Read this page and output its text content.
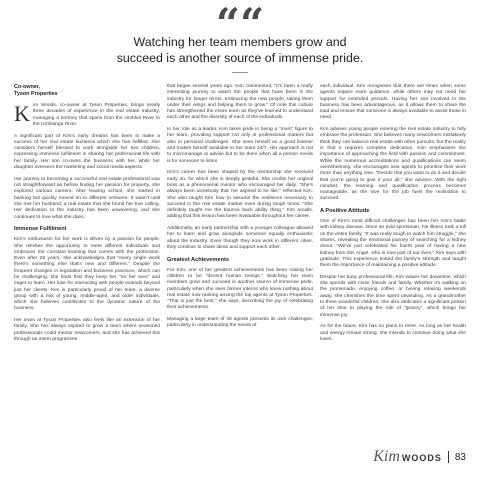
““
Watching her team members grow and
succeed is another source of immense pride.
Co-owner,
Tyson Properties

Kim Woods, co-owner at Tyson Properties, brings nearly three decades of experience in the real estate industry, managing a territory that spans from the Umhlali River to the Umhlanga River.

A significant part of Kim's early dreams has been to make a success of her real estate business which she has fulfilled. She considers herself blessed to work alongside her two children, expressing immense fulfilment in sharing her professional life with her family. Her son co-owns the business with her, while her daughter oversees the marketing and social media aspects.

Her journey to becoming a successful real estate professional was not straightforward as before finding her passion for property, she explored various careers. After leaving school, she started in banking but quickly moved on to different ventures. It wasn't until she met her husband, a real estate that she found her true calling. Her dedication to the industry has been unwavering, and she continues to love what she does.

Immense Fulfilment

Kim's enthusiasm for her work is driven by a passion for people. She relishes the opportunity to meet different individuals and embraces the constant learning that comes with the profession. Even after 28 years, she acknowledges that "every single week there's something else that's new and different." Despite the frequent changes in legislation and business practices, which can be challenging, she finds that they keep her "on her toes" and eager to learn. Her love for interacting with people extends beyond just her clients. Kim is particularly proud of her team, a diverse group with a mix of young, middle-aged, and older individuals, which she believes contributes to the dynamic nature of the business.

Her team at Tyson Properties also feels like an extension of her family. She has always aspired to grow a team where seasoned professionals could mentor newcomers, and she has achieved this through an intern programme

that began several years ago. Kim commented, "It's been a really interesting journey to watch the people that have been in the industry for longer terms, embracing the new people, taking them under their wings and helping them to grow." Of note this culture has strengthened the entire team as they've learned to understand each other and the diversity of each of the individuals.

In her role as a leader, Kim takes pride in being a "mum" figure to her team, providing support not only in professional matters but also in personal challenges. She sees herself as a good listener and makes herself available to her team 24/7. Her approach is not to micromanage or advise but to be there when all a person needs is for someone to listen.

Kim's career has been shaped by the mentorship she received early on, for which she is deeply grateful. She credits her original boss as a phenomenal mentor who encouraged her daily. "She's always been somebody that I've aspired to be like," reflected Kim. She also taught Kim how to assume the resilience necessary to succeed in the real estate market even during tough times. "She definitely taught me the bounce back ability thing," Kim recalls, adding that this lesson has been invaluable throughout her career.

Additionally, an early partnership with a younger colleague allowed her to learn and grow alongside someone equally enthusiastic about the industry. Even though they now work in different cities, they continue to share ideas and support each other.

Greatest Achievements

For Kim, one of her greatest achievements has been raising her children to be "decent human beings." Watching her team members grow and succeed is another source of immense pride, particularly when she sees former interns who knew nothing about real estate now ranking among the top agents at Tyson Properties. "That is just the best," she says, describing the joy of celebrating their achievements.

Managing a large team of 48 agents presents its own challenges, particularly in understanding the needs of

each individual. Kim recognises that there are times when some agents require more guidance, while others may not need her support for extended periods. Having her son involved in the business has been advantageous, as it allows them to share the load and ensure that someone is always available to assist those in need.

Kim advises young people entering the real estate industry to fully embrace the profession. She believes many newcomers mistakenly think they can balance real estate with other pursuits, but the reality is that it requires complete dedication. Kim emphasises the importance of approaching the field with passion and commitment. While the numerous accreditations and qualifications can seem overwhelming, she encourages new agents to prioritise their work more than anything else. "Decide that you want to do it and decide that you're going to give it your all," she advises. With the right mindset, the learning and qualification process becomes manageable, as the love for the job fuels the motivation to succeed.

A Positive Attitude

One of Kim's most difficult challenges has been her son's battle with kidney disease. Once an avid sportsman, his illness took a toll on the entire family. "It was really tough to watch him struggle," she shares, revealing the emotional journey of searching for a kidney donor. "We've just celebrated his fourth year of having a new kidney from this Angel, who is now part of our lives," Kim says with gratitude. This experience tested the family's strength and taught them the importance of maintaining a positive attitude.

Despite her busy professional life, Kim values her downtime, which she spends with close friends and family. Whether it's walking on the promenade, enjoying coffee, or having relaxing weekends away, she cherishes the time spent unwinding. As a grandmother to three wonderful children, she also dedicates a significant portion of her time to playing the role of "granny", which brings her immense joy.

As for the future, Kim has no plans to retire. As long as her health and energy remain strong, she intends to continue doing what she loves.

Kim WOODS 83
